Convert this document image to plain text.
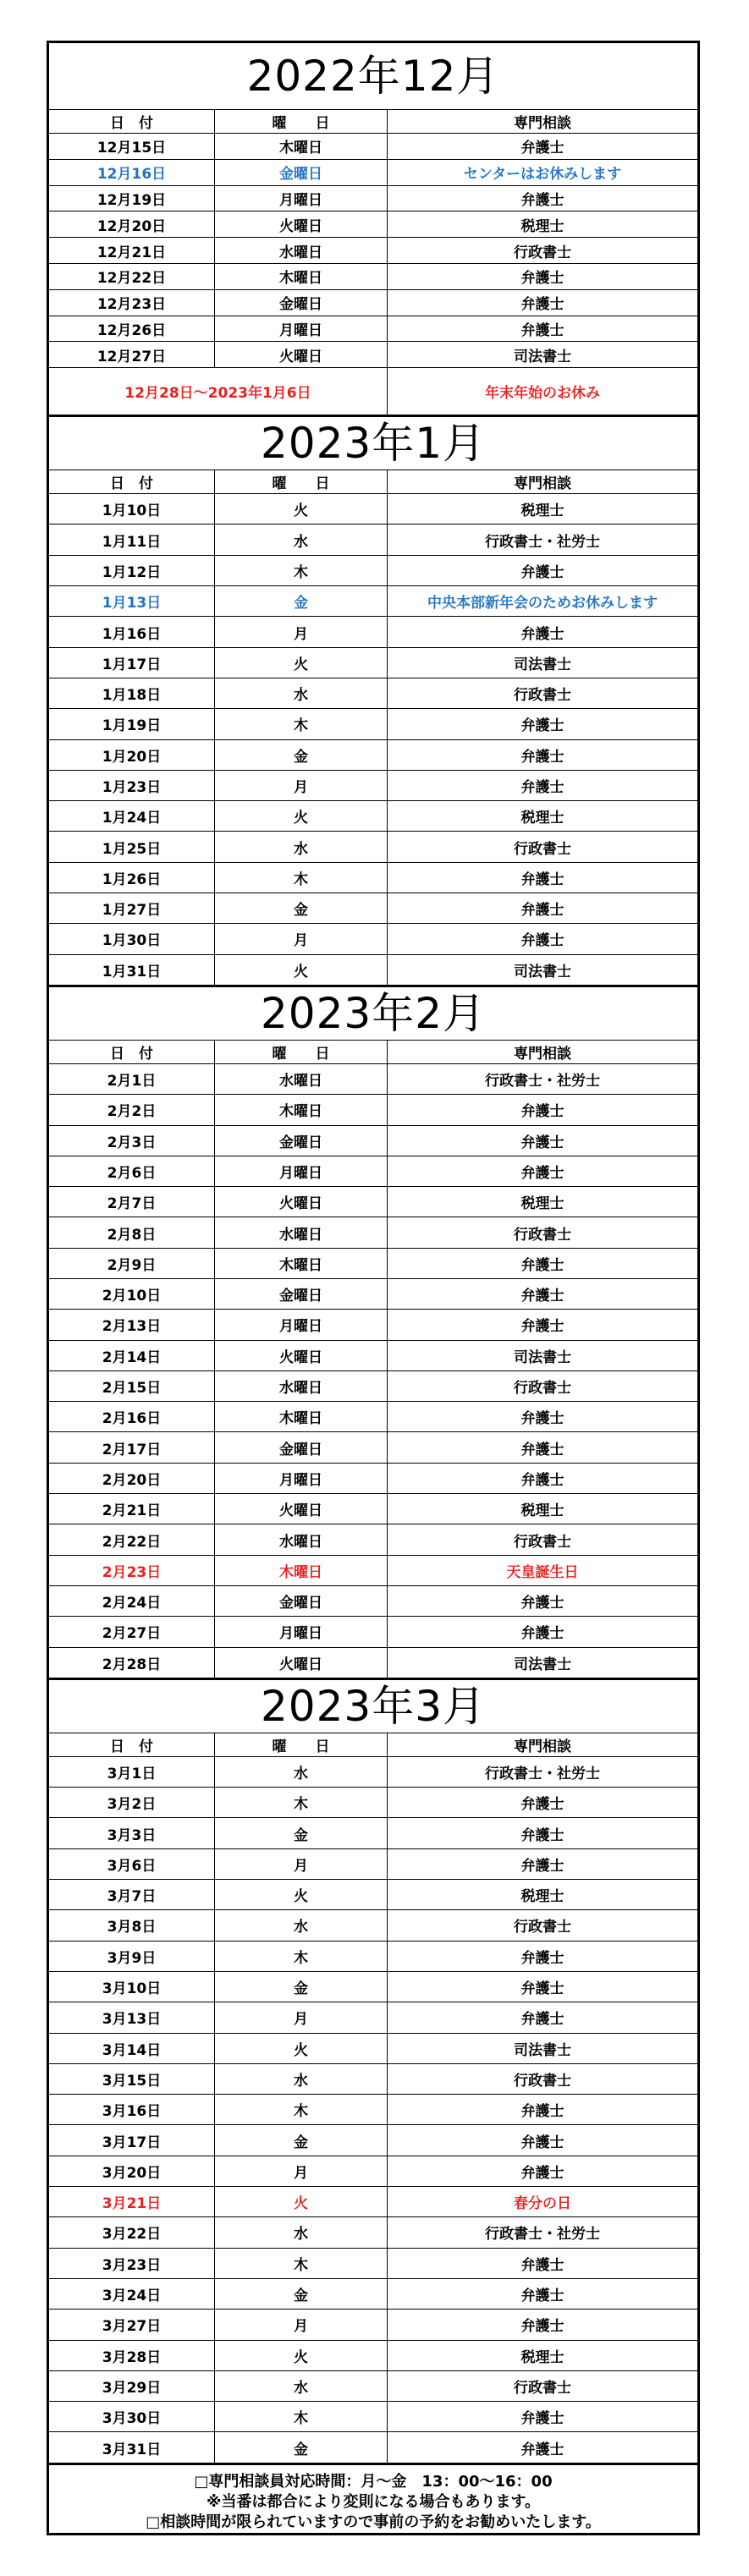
2022年12月
日　付	曜　　日	専門相談
12月15日	木曜日	弁護士
12月16日	金曜日	センターはお休みします
12月19日	月曜日	弁護士
12月20日	火曜日	税理士
12月21日	水曜日	行政書士
12月22日	木曜日	弁護士
12月23日	金曜日	弁護士
12月26日	月曜日	弁護士
12月27日	火曜日	司法書士
12月28日～2023年1月6日	年末年始のお休み
2023年1月
日　付	曜　　日	専門相談
1月10日	火	税理士
1月11日	水	行政書士・社労士
1月12日	木	弁護士
1月13日	金	中央本部新年会のためお休みします
1月16日	月	弁護士
1月17日	火	司法書士
1月18日	水	行政書士
1月19日	木	弁護士
1月20日	金	弁護士
1月23日	月	弁護士
1月24日	火	税理士
1月25日	水	行政書士
1月26日	木	弁護士
1月27日	金	弁護士
1月30日	月	弁護士
1月31日	火	司法書士
2023年2月
日　付	曜　　日	専門相談
2月1日	水曜日	行政書士・社労士
2月2日	木曜日	弁護士
2月3日	金曜日	弁護士
2月6日	月曜日	弁護士
2月7日	火曜日	税理士
2月8日	水曜日	行政書士
2月9日	木曜日	弁護士
2月10日	金曜日	弁護士
2月13日	月曜日	弁護士
2月14日	火曜日	司法書士
2月15日	水曜日	行政書士
2月16日	木曜日	弁護士
2月17日	金曜日	弁護士
2月20日	月曜日	弁護士
2月21日	火曜日	税理士
2月22日	水曜日	行政書士
2月23日	木曜日	天皇誕生日
2月24日	金曜日	弁護士
2月27日	月曜日	弁護士
2月28日	火曜日	司法書士
2023年3月
日　付	曜　　日	専門相談
3月1日	水	行政書士・社労士
3月2日	木	弁護士
3月3日	金	弁護士
3月6日	月	弁護士
3月7日	火	税理士
3月8日	水	行政書士
3月9日	木	弁護士
3月10日	金	弁護士
3月13日	月	弁護士
3月14日	火	司法書士
3月15日	水	行政書士
3月16日	木	弁護士
3月17日	金	弁護士
3月20日	月	弁護士
3月21日	火	春分の日
3月22日	水	行政書士・社労士
3月23日	木	弁護士
3月24日	金	弁護士
3月27日	月	弁護士
3月28日	火	税理士
3月29日	水	行政書士
3月30日	木	弁護士
3月31日	金	弁護士
□専門相談員対応時間：月～金　13：00～16：00
※当番は都合により変則になる場合もあります。
□相談時間が限られていますので事前の予約をお勧めいたします。
